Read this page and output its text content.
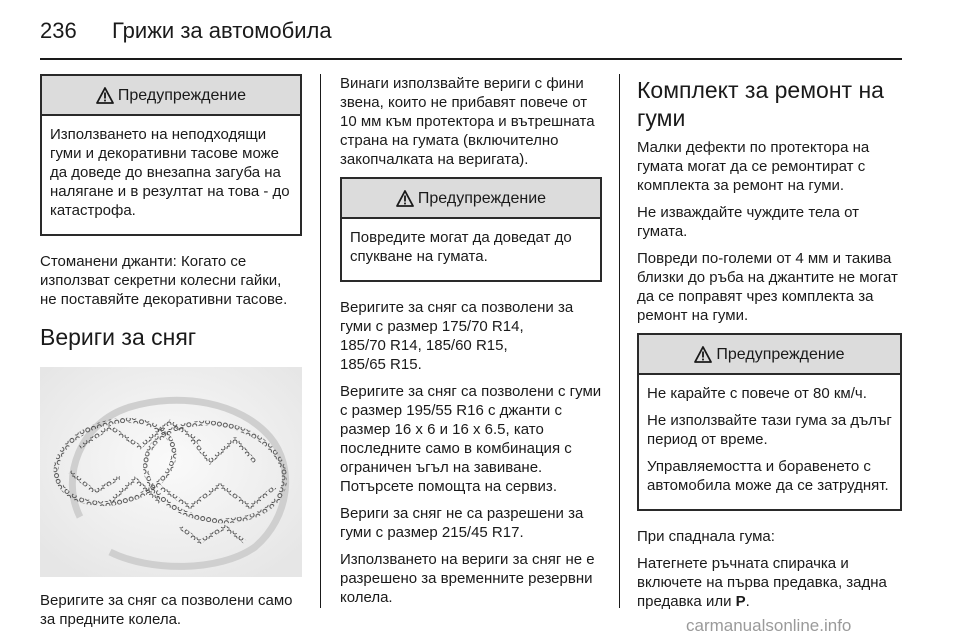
236 Грижи за автомобила
Предупреждение

Използването на неподходящи гуми и декоративни тасове може да доведе до внезапна загуба на налягане и в резултат на това - до катастрофа.

Стоманени джанти: Когато се използват секретни колесни гайки, не поставяйте декоративни тасове.

Вериги за сняг

Веригите за сняг са позволени само за предните колела.

Винаги използвайте вериги с фини звена, които не прибавят повече от 10 мм към протектора и вътрешната страна на гумата (включително закопчалката на веригата).

Предупреждение

Повредите могат да доведат до спукване на гумата.

Веригите за сняг са позволени за гуми с размер 175/70 R14,
185/70 R14, 185/60 R15,
185/65 R15.

Веригите за сняг са позволени с гуми с размер 195/55 R16 с джанти с размер 16 x 6 и 16 x 6.5, като последните само в комбинация с ограничен ъгъл на завиване.
Потърсете помощта на сервиз.

Вериги за сняг не са разрешени за гуми с размер 215/45 R17.

Използването на вериги за сняг не е разрешено за временните резервни колела.

Комплект за ремонт на гуми

Малки дефекти по протектора на гумата могат да се ремонтират с комплекта за ремонт на гуми.

Не изваждайте чуждите тела от гумата.

Повреди по-големи от 4 мм и такива близки до ръба на джантите не могат да се поправят чрез комплекта за ремонт на гуми.

Предупреждение

Не карайте с повече от 80 км/ч.

Не използвайте тази гума за дълъг период от време.

Управляемостта и боравенето с автомобила може да се затруднят.

При спаднала гума:

Натегнете ръчната спирачка и включете на първа предавка, задна предавка или P.

carmanualsonline.info
